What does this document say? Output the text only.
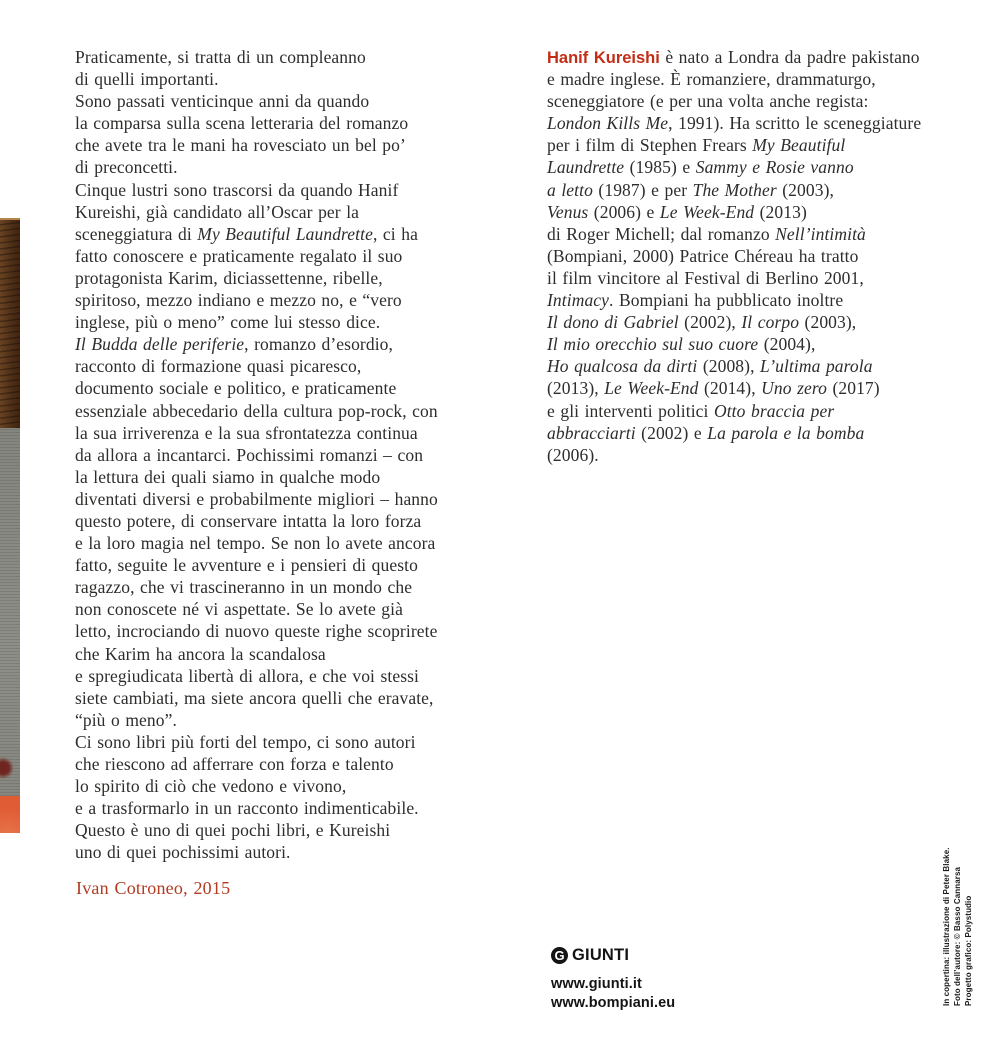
Praticamente, si tratta di un compleanno
di quelli importanti.
Sono passati venticinque anni da quando
la comparsa sulla scena letteraria del romanzo
che avete tra le mani ha rovesciato un bel po’
di preconcetti.
Cinque lustri sono trascorsi da quando Hanif
Kureishi, già candidato all’Oscar per la
sceneggiatura di My Beautiful Laundrette, ci ha
fatto conoscere e praticamente regalato il suo
protagonista Karim, diciassettenne, ribelle,
spiritoso, mezzo indiano e mezzo no, e “vero
inglese, più o meno” come lui stesso dice.
Il Budda delle periferie, romanzo d’esordio,
racconto di formazione quasi picaresco,
documento sociale e politico, e praticamente
essenziale abbecedario della cultura pop-rock, con
la sua irriverenza e la sua sfrontatezza continua
da allora a incantarci. Pochissimi romanzi – con
la lettura dei quali siamo in qualche modo
diventati diversi e probabilmente migliori – hanno
questo potere, di conservare intatta la loro forza
e la loro magia nel tempo. Se non lo avete ancora
fatto, seguite le avventure e i pensieri di questo
ragazzo, che vi trascineranno in un mondo che
non conoscete né vi aspettate. Se lo avete già
letto, incrociando di nuovo queste righe scoprirete
che Karim ha ancora la scandalosa
e spregiudicata libertà di allora, e che voi stessi
siete cambiati, ma siete ancora quelli che eravate,
“più o meno”.
Ci sono libri più forti del tempo, ci sono autori
che riescono ad afferrare con forza e talento
lo spirito di ciò che vedono e vivono,
e a trasformarlo in un racconto indimenticabile.
Questo è uno di quei pochi libri, e Kureishi
uno di quei pochissimi autori.
Ivan Cotroneo, 2015
Hanif Kureishi è nato a Londra da padre pakistano
e madre inglese. È romanziere, drammaturgo,
sceneggiatore (e per una volta anche regista:
London Kills Me, 1991). Ha scritto le sceneggiature
per i film di Stephen Frears My Beautiful
Laundrette (1985) e Sammy e Rosie vanno
a letto (1987) e per The Mother (2003),
Venus (2006) e Le Week-End (2013)
di Roger Michell; dal romanzo Nell’intimità
(Bompiani, 2000) Patrice Chéreau ha tratto
il film vincitore al Festival di Berlino 2001,
Intimacy. Bompiani ha pubblicato inoltre
Il dono di Gabriel (2002), Il corpo (2003),
Il mio orecchio sul suo cuore (2004),
Ho qualcosa da dirti (2008), L’ultima parola
(2013), Le Week-End (2014), Uno zero (2017)
e gli interventi politici Otto braccia per
abbracciarti (2002) e La parola e la bomba
(2006).
G GIUNTI
www.giunti.it
www.bompiani.eu	In copertina: illustrazione di Peter Blake. Foto dell’autore: © Basso Cannarsa Progetto grafico: Polystudio
